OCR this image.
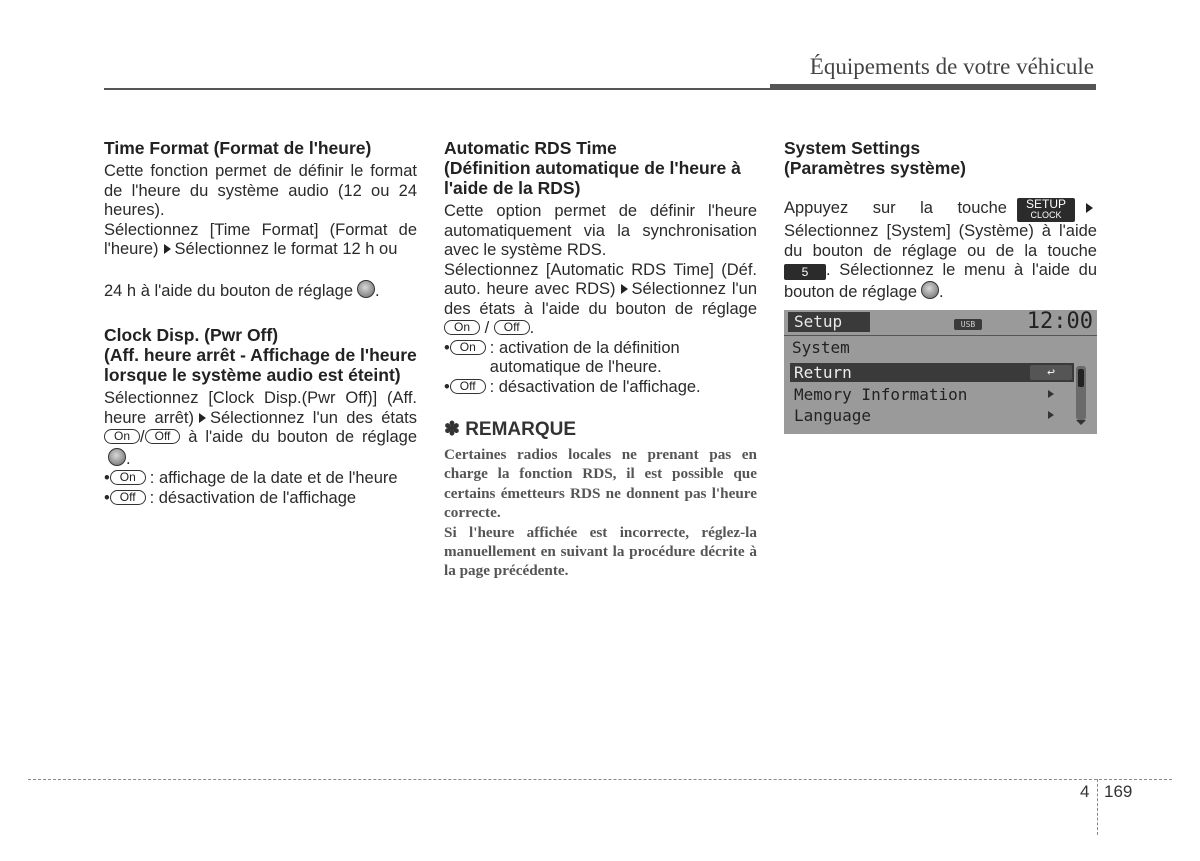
Équipements de votre véhicule
Time Format (Format de l'heure)

Cette fonction permet de définir le format de l'heure du système audio (12 ou 24 heures).

Sélectionnez [Time Format] (Format de l'heure) Sélectionnez le format 12 h ou

24 h à l'aide du bouton de réglage .

Clock Disp. (Pwr Off)
(Aff. heure arrêt - Affichage de l'heure lorsque le système audio est éteint)

Sélectionnez [Clock Disp.(Pwr Off)] (Aff. heure arrêt) Sélectionnez l'un des états On / Off à l'aide du bouton de réglage.

• On : affichage de la date et de l'heure
• Off : désactivation de l'affichage
Automatic RDS Time
(Définition automatique de l'heure à l'aide de la RDS)

Cette option permet de définir l'heure automatiquement via la synchronisation avec le système RDS.

Sélectionnez [Automatic RDS Time] (Déf. auto. heure avec RDS) Sélectionnez l'un des états à l'aide du bouton de réglage On / Off .

• On : activation de la définition automatique de l'heure.
• Off : désactivation de l'affichage.
✽ REMARQUE

Certaines radios locales ne prenant pas en charge la fonction RDS, il est possible que certains émetteurs RDS ne donnent pas l'heure correcte.

Si l'heure affichée est incorrecte, réglez-la manuellement en suivant la procédure décrite à la page précédente.

System Settings
(Paramètres système)

Appuyez sur la touche	SETUP
CLOCK
Sélectionnez [System] (Système) à l'aide du bouton de réglage ou de la touche 5 . Sélectionnez le menu à l'aide du bouton de réglage .

Setup	USB	12:00
System
Return	↩
Memory Information
Language
4 169
